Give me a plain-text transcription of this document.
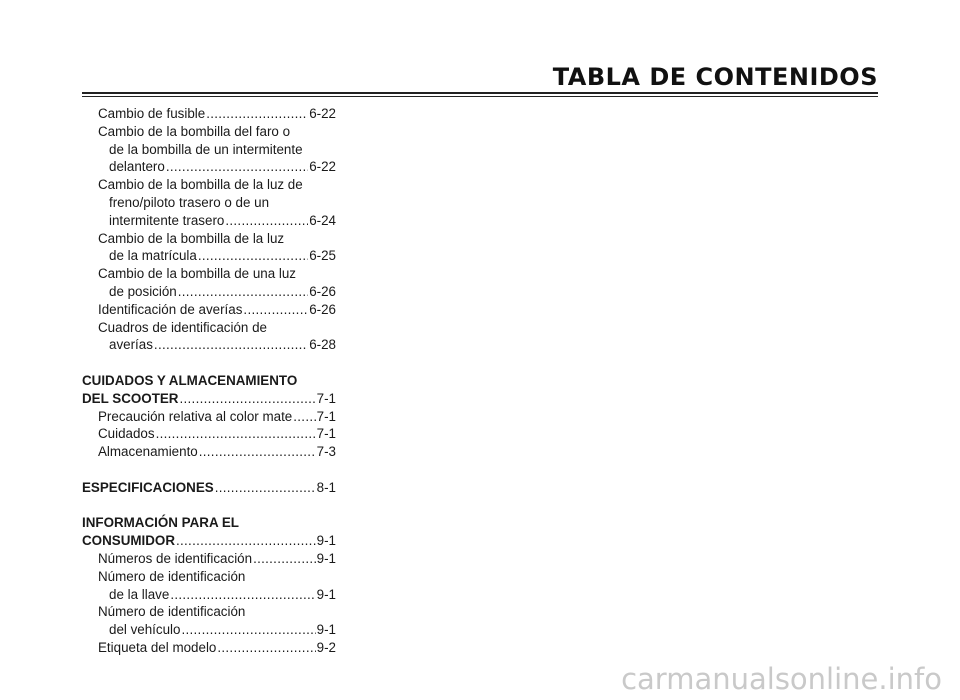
TABLA DE CONTENIDOS
Cambio de fusible .....	6-22
Cambio de la bombilla del faro o
de la bombilla de un intermitente
delantero .....	6-22
Cambio de la bombilla de la luz de
freno/piloto trasero o de un
intermitente trasero .....	6-24
Cambio de la bombilla de la luz
de la matrícula .....	6-25
Cambio de la bombilla de una luz
de posición .....	6-26
Identificación de averías .....	6-26
Cuadros de identificación de
averías .....	6-28
CUIDADOS Y ALMACENAMIENTO
DEL SCOOTER .....	7-1
Precaución relativa al color mate ..... 7-1
Cuidados .....	7-1
Almacenamiento .....	7-3
ESPECIFICACIONES .....	8-1
INFORMACIÓN PARA EL
CONSUMIDOR .....	9-1
Números de identificación .....	9-1
Número de identificación
de la llave .....	9-1
Número de identificación
del vehículo .....	9-1
Etiqueta del modelo .....	9-2
carmanualsonline.info
